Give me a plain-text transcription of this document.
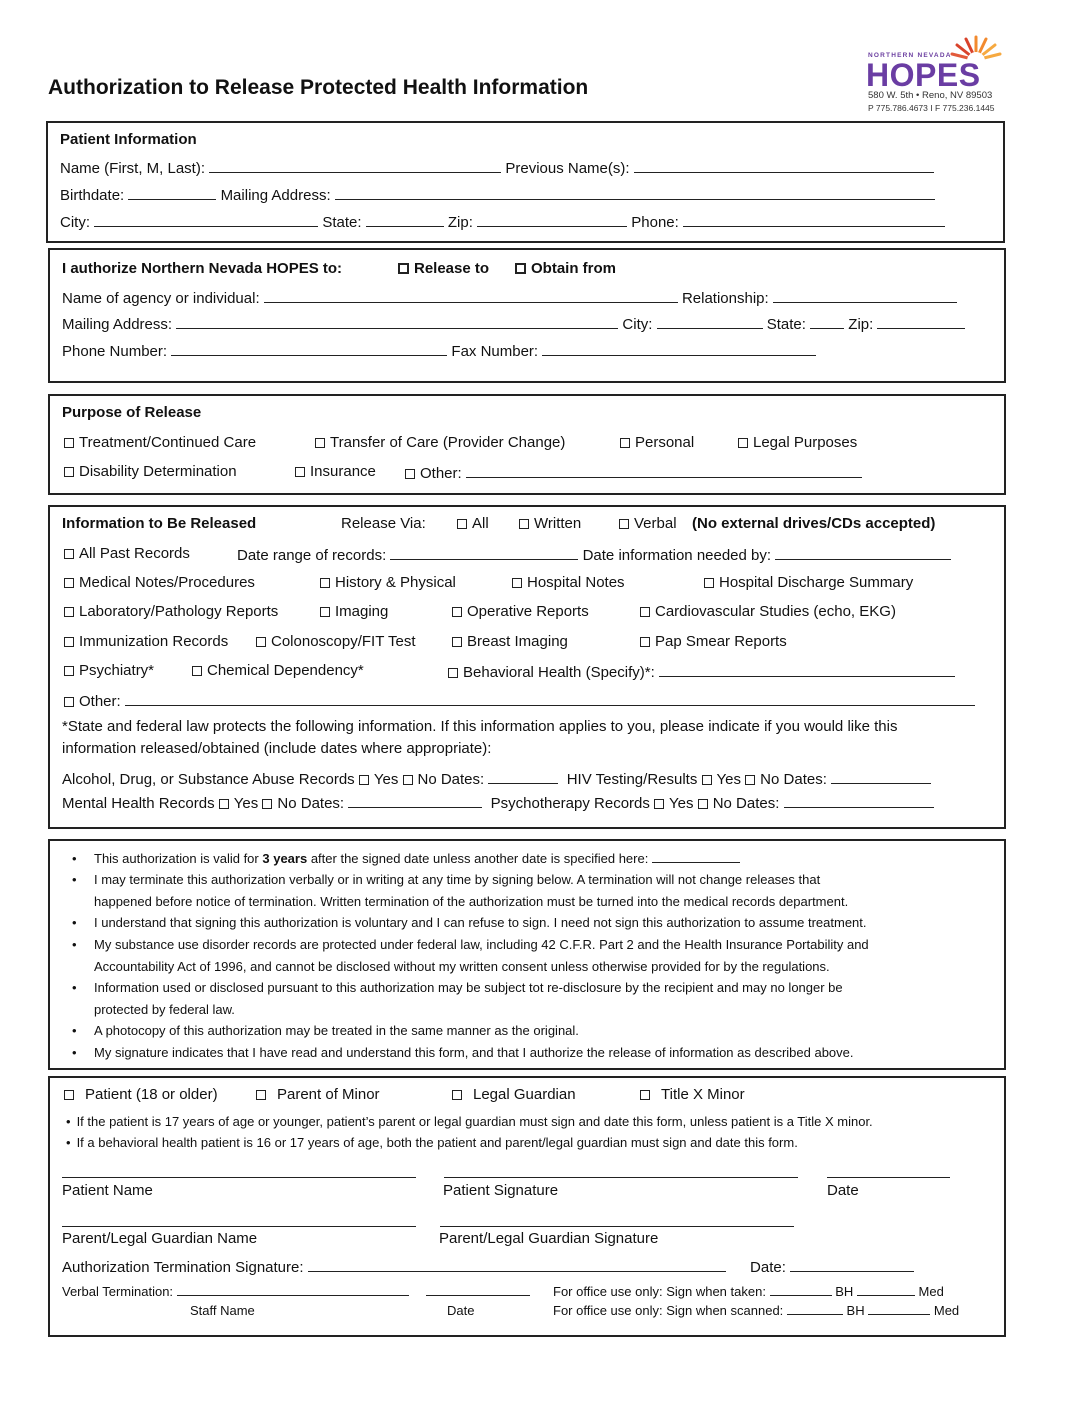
Authorization to Release Protected Health Information
NORTHERN NEVADA
HOPES
580 W. 5th • Reno, NV 89503
P 775.786.4673 I F 775.236.1445
Patient Information
Name (First, M, Last):	Previous Name(s):
Birthdate:	Mailing Address:
City:	State:	Zip:	Phone:
I authorize Northern Nevada HOPES to:	Release to	Obtain from
Name of agency or individual:	Relationship:
Mailing Address:	City:	State:	Zip:
Phone Number:	Fax Number:
Purpose of Release
Treatment/Continued Care	Transfer of Care (Provider Change)	Personal	Legal Purposes
Disability Determination	Insurance	Other:
Information to Be Released	Release Via:	All	Written	Verbal (No external drives/CDs accepted)
All Past Records	Date range of records:	Date information needed by:
Medical Notes/Procedures	History & Physical	Hospital Notes	Hospital Discharge Summary
Laboratory/Pathology Reports	Imaging	Operative Reports	Cardiovascular Studies (echo, EKG)
Immunization Records	Colonoscopy/FIT Test	Breast Imaging	Pap Smear Reports
Psychiatry*	Chemical Dependency*	Behavioral Health (Specify)*:
Other:
*State and federal law protects the following information. If this information applies to you, please indicate if you would like this
information released/obtained (include dates where appropriate):
Alcohol, Drug, or Substance Abuse Records Yes No Dates:	HIV Testing/Results Yes No Dates:
Mental Health Records Yes No Dates:	Psychotherapy Records Yes No Dates:
• This authorization is valid for 3 years after the signed date unless another date is specified here:
• I may terminate this authorization verbally or in writing at any time by signing below. A termination will not change releases that
happened before notice of termination. Written termination of the authorization must be turned into the medical records department.
• I understand that signing this authorization is voluntary and I can refuse to sign. I need not sign this authorization to assume treatment.
• My substance use disorder records are protected under federal law, including 42 C.F.R. Part 2 and the Health Insurance Portability and
Accountability Act of 1996, and cannot be disclosed without my written consent unless otherwise provided for by the regulations.
• Information used or disclosed pursuant to this authorization may be subject tot re-disclosure by the recipient and may no longer be
protected by federal law.
• A photocopy of this authorization may be treated in the same manner as the original.
• My signature indicates that I have read and understand this form, and that I authorize the release of information as described above.
Patient (18 or older)	Parent of Minor	Legal Guardian	Title X Minor
• If the patient is 17 years of age or younger, patient’s parent or legal guardian must sign and date this form, unless patient is a Title X minor.
• If a behavioral health patient is 16 or 17 years of age, both the patient and parent/legal guardian must sign and date this form.
Patient Name	Patient Signature	Date
Parent/Legal Guardian Name	Parent/Legal Guardian Signature
Authorization Termination Signature:	Date:
Verbal Termination:	For office use only: Sign when taken:	BH	Med
Staff Name	Date	For office use only: Sign when scanned:	BH	Med
